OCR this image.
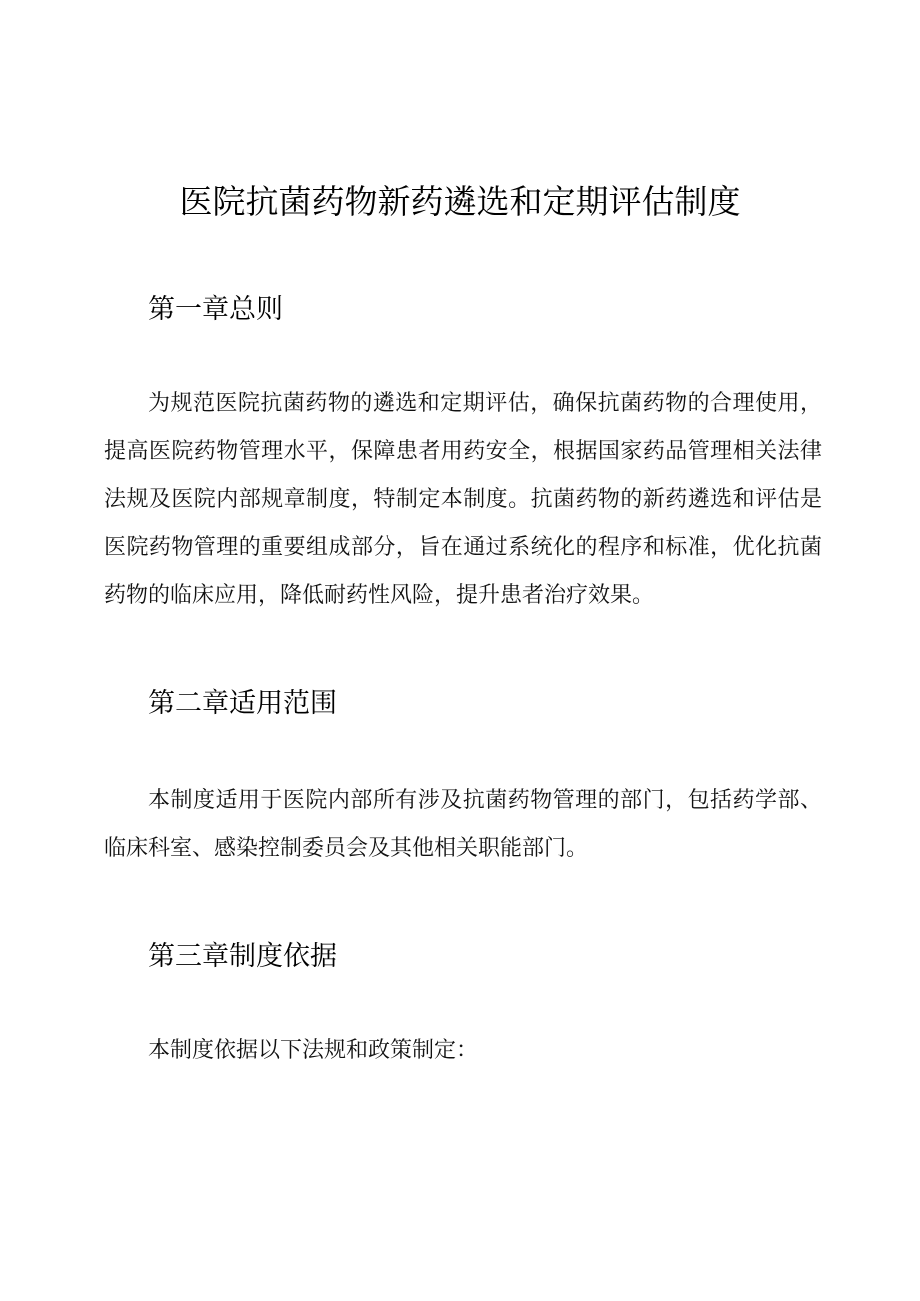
医院抗菌药物新药遴选和定期评估制度
第一章总则

为规范医院抗菌药物的遴选和定期评估，确保抗菌药物的合理使用，提高医院药物管理水平，保障患者用药安全，根据国家药品管理相关法律法规及医院内部规章制度，特制定本制度。抗菌药物的新药遴选和评估是医院药物管理的重要组成部分，旨在通过系统化的程序和标准，优化抗菌药物的临床应用，降低耐药性风险，提升患者治疗效果。

第二章适用范围

本制度适用于医院内部所有涉及抗菌药物管理的部门，包括药学部、临床科室、感染控制委员会及其他相关职能部门。

第三章制度依据

本制度依据以下法规和政策制定：
